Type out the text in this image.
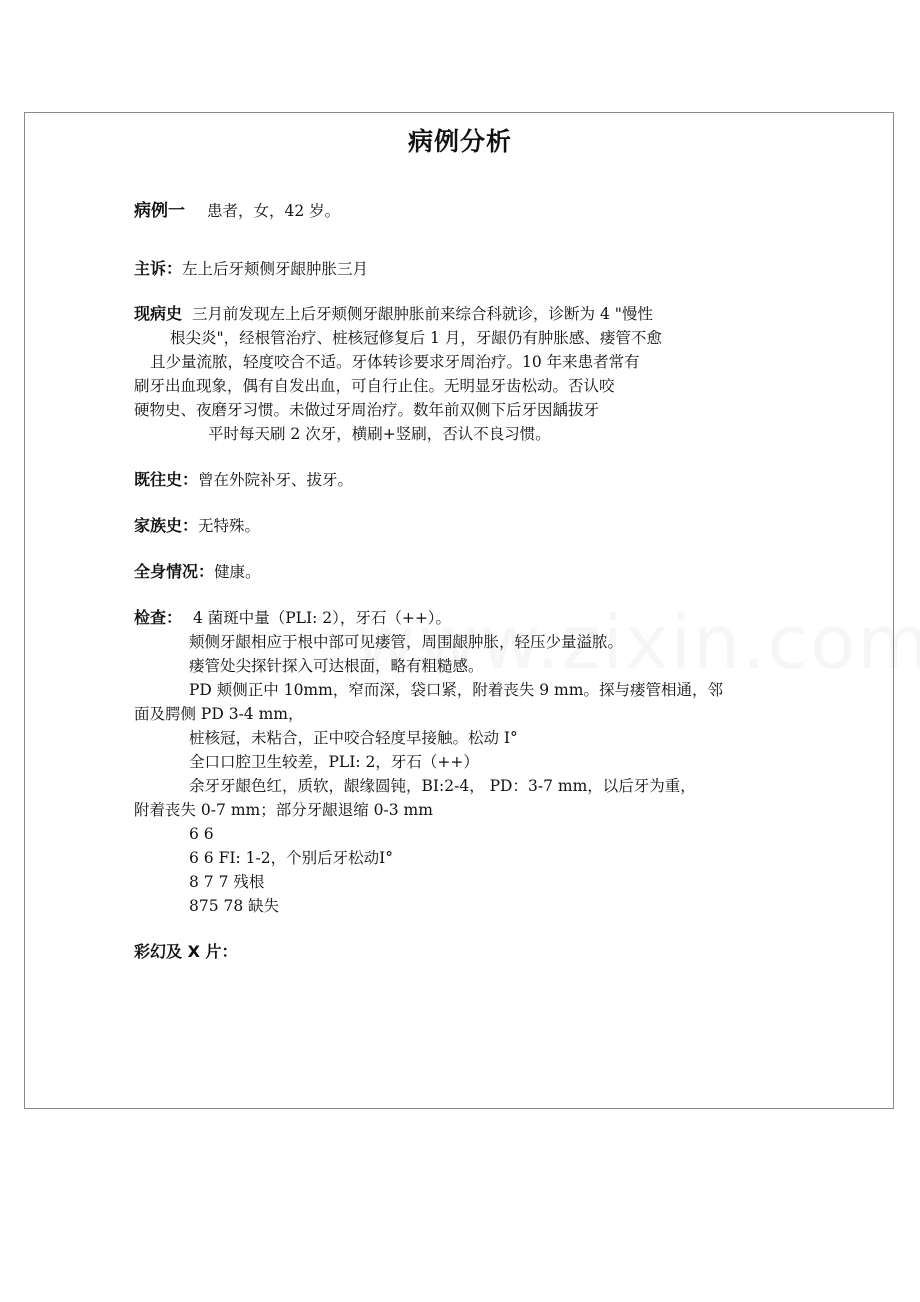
病例分析
病例一 患者，女，42 岁。
主诉：左上后牙颊侧牙龈肿胀三月
现病史 三月前发现左上后牙颊侧牙龈肿胀前来综合科就诊，诊断为 4 "慢性
根尖炎"，经根管治疗、桩核冠修复后 1 月，牙龈仍有肿胀感、瘘管不愈
且少量流脓，轻度咬合不适。牙体转诊要求牙周治疗。10 年来患者常有
刷牙出血现象，偶有自发出血，可自行止住。无明显牙齿松动。否认咬
硬物史、夜磨牙习惯。未做过牙周治疗。数年前双侧下后牙因龋拔牙
平时每天刷 2 次牙，横刷+竖刷，否认不良习惯。
既往史：曾在外院补牙、拔牙。
家族史：无特殊。
全身情况：健康。
检查： 4 菌斑中量（PLI: 2），牙石（++）。
颊侧牙龈相应于根中部可见瘘管，周围龈肿胀，轻压少量溢脓。
瘘管处尖探针探入可达根面，略有粗糙感。
PD 颊侧正中 10mm，窄而深，袋口紧，附着丧失 9 mm。探与瘘管相通，邻
面及腭侧 PD 3-4 mm，
桩核冠，未粘合，正中咬合轻度早接触。松动 Ⅰ°
全口口腔卫生较差，PLI: 2，牙石（++）
余牙牙龈色红，质软，龈缘圆钝，BI:2-4， PD：3-7 mm，以后牙为重，
附着丧失 0-7 mm；部分牙龈退缩 0-3 mm
6 6
6 6 FI: 1-2，个别后牙松动Ⅰ°
8 7 7 残根
875 78 缺失
彩幻及 X 片：
